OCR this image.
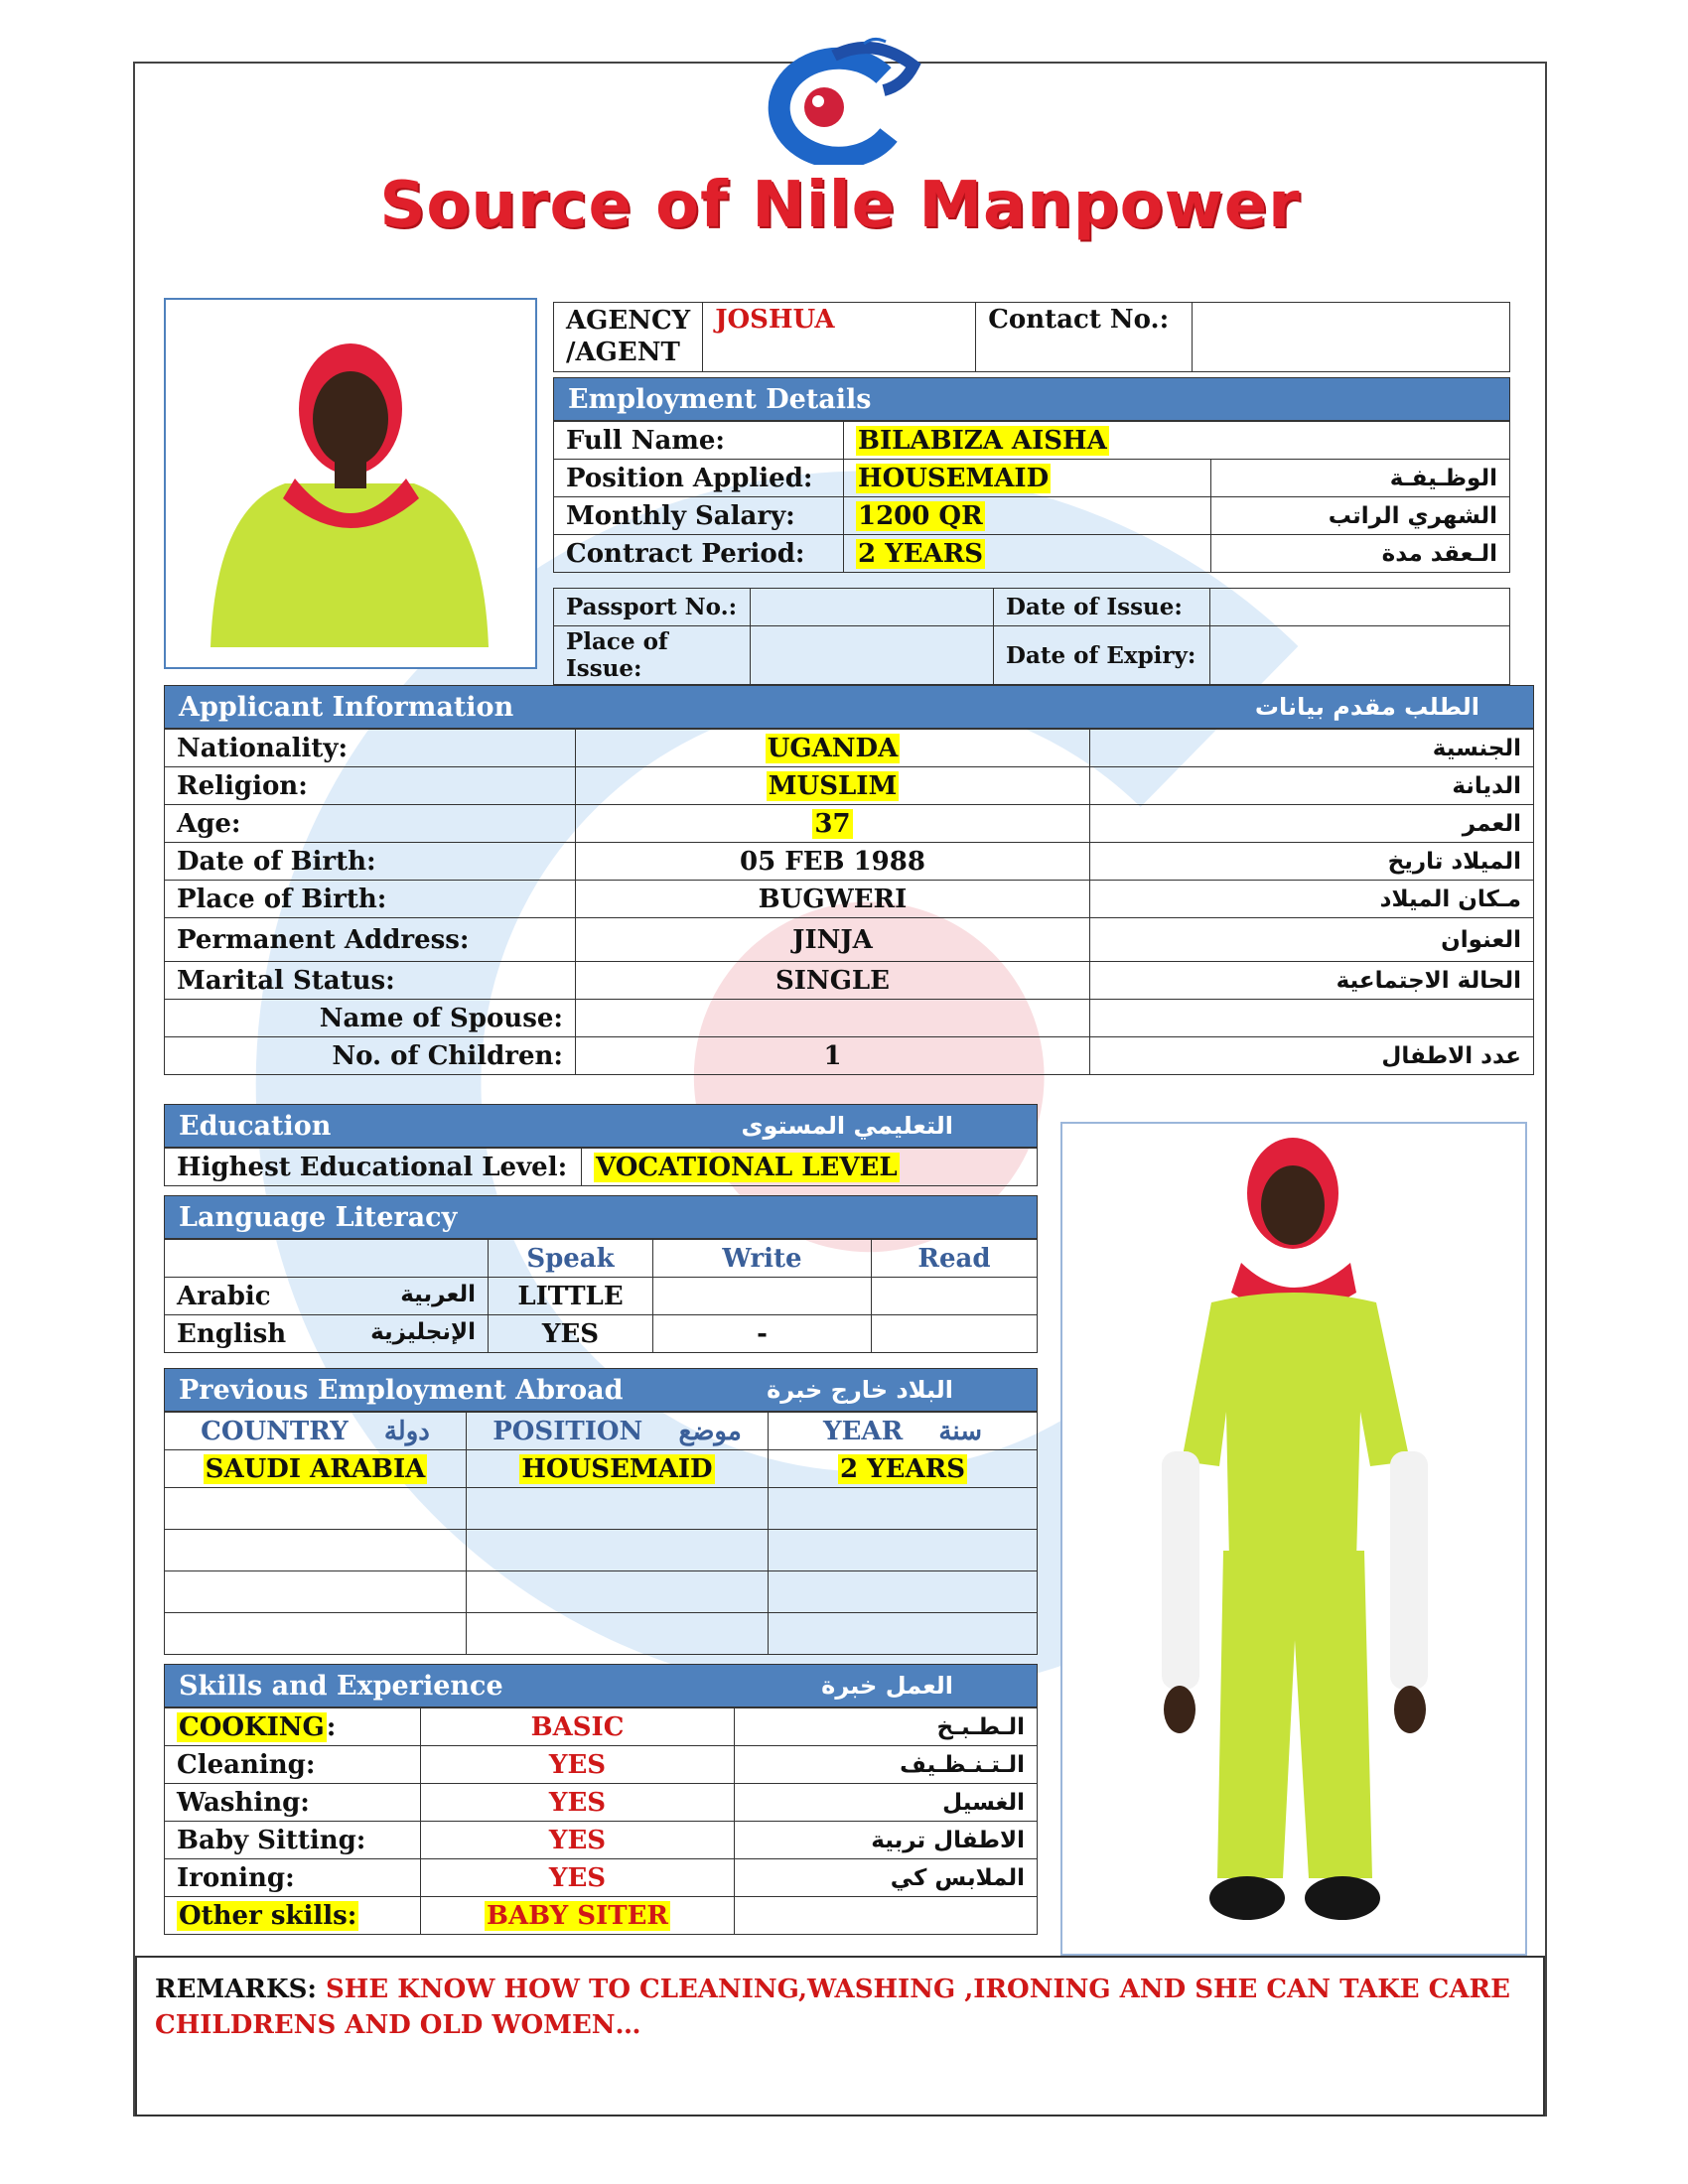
Source of Nile Manpower
AGENCY /AGENT	JOSHUA	Contact No.:	
Employment Details
Full Name:	BILABIZA AISHA	
Position Applied:	HOUSEMAID	الوظـيفـة
Monthly Salary:	1200 QR	الشهري الراتب
Contract Period:	2 YEARS	الـعقد مدة
Passport No.:		Date of Issue:	
Place of Issue:		Date of Expiry:	
Applicant Information	الطلب مقدم بيانات
Nationality:	UGANDA	الجنسية
Religion:	MUSLIM	الديانة
Age:	37	العمر
Date of Birth:	05 FEB 1988	الميلاد تاريخ
Place of Birth:	BUGWERI	مـكان الميلاد
Permanent Address:	JINJA	العنوان
Marital Status:	SINGLE	الحالة الاجتماعية
Name of Spouse:		
No. of Children:	1	عدد الاطفال
Education	التعليمي المستوى
Highest Educational Level:	VOCATIONAL LEVEL
Language Literacy
	Speak	Write	Read
Arabic العربية	LITTLE		
English الإنجليزية	YES	-	
Previous Employment Abroad	البلاد خارج خبرة
COUNTRY دولة	POSITION موضع	YEAR سنة
SAUDI ARABIA	HOUSEMAID	2 YEARS

Skills and Experience	العمل خبرة
COOKING:	BASIC	الـطـبـخ
Cleaning:	YES	الـتـنـظـيف
Washing:	YES	الغسيل
Baby Sitting:	YES	الاطفال تربية
Ironing:	YES	الملابس كي
Other skills:	BABY SITER	
REMARKS: SHE KNOW HOW TO CLEANING,WASHING ,IRONING AND SHE CAN TAKE CARE CHILDRENS AND OLD WOMEN…
